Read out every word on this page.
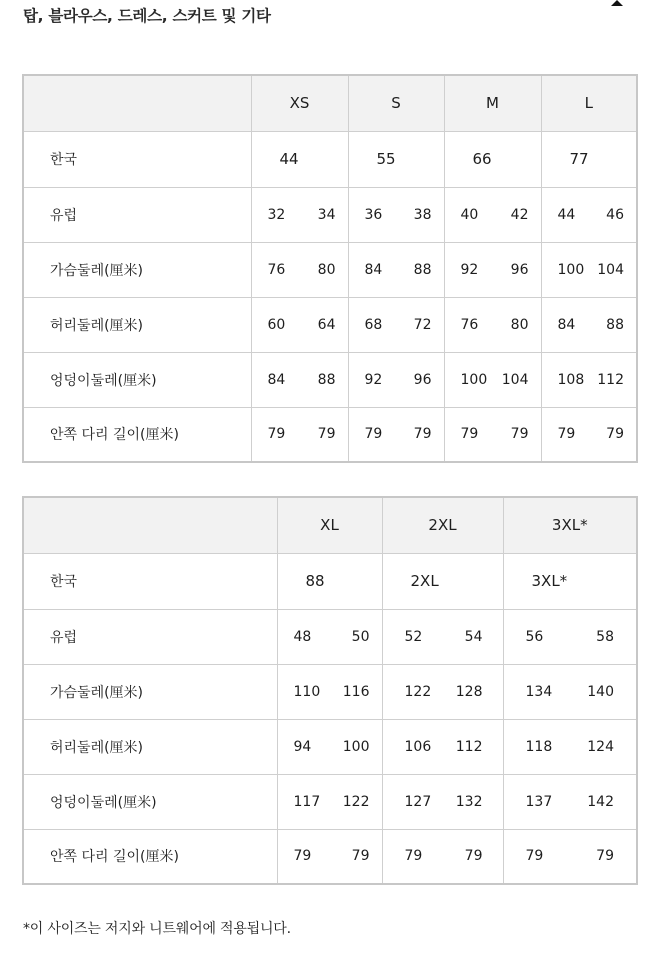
탑, 블라우스, 드레스, 스커트 및 기타
	XS	S	M	L
한국	44	55	66	77
유럽	32 34	36 38	40 42	44 46

가슴둘레(厘米)	76 80	84 88	92 96	100 104

허리둘레(厘米)	60 64	68 72	76 80	84 88

엉덩이둘레(厘米)	84 88	92 96	100 104	108 112

안쪽 다리 길이(厘米)	79 79	79 79	79 79	79 79
	XL	2XL	3XL*
한국	88	2XL	3XL*
유럽	48 50	52 54	56 58

가슴둘레(厘米)	110 116	122 128	134 140

허리둘레(厘米)	94 100	106 112	118 124

엉덩이둘레(厘米)	117 122	127 132	137 142

안쪽 다리 길이(厘米)	79 79	79 79	79 79
*이 사이즈는 저지와 니트웨어에 적용됩니다.
